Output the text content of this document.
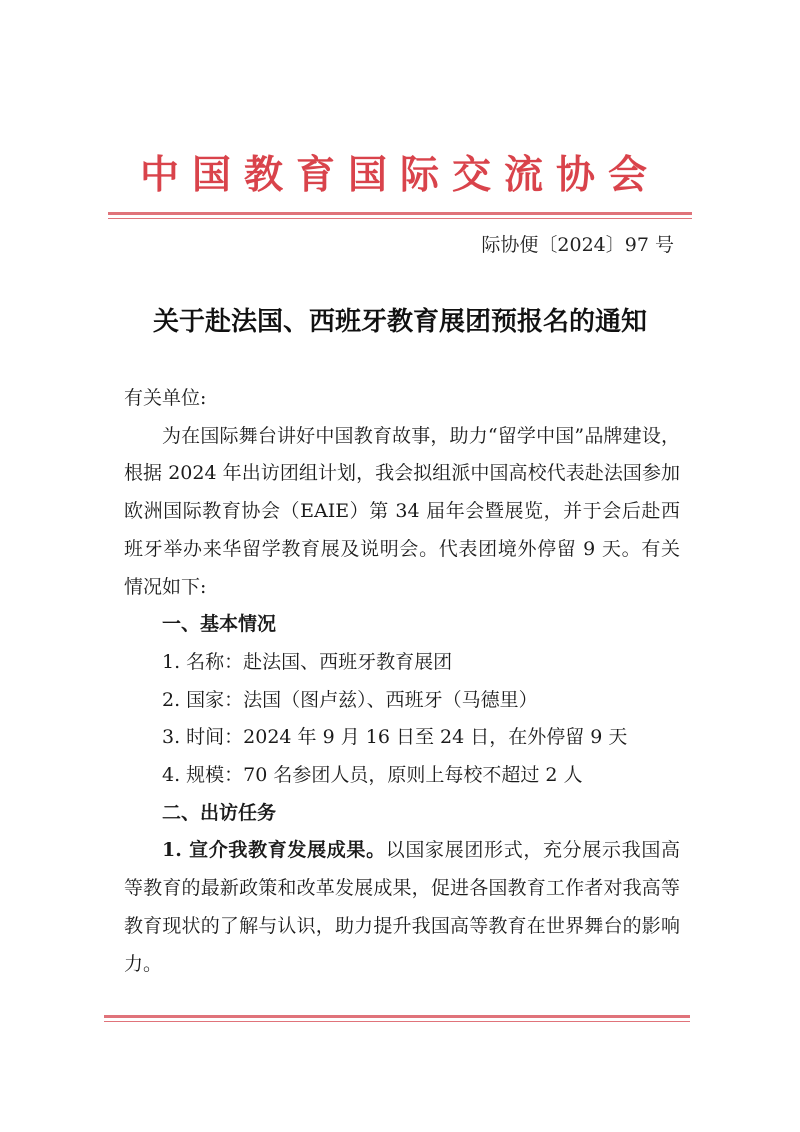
中国教育国际交流协会
际协便〔2024〕97 号
关于赴法国、西班牙教育展团预报名的通知

有关单位:

为在国际舞台讲好中国教育故事，助力“留学中国”品牌建设，根据 2024 年出访团组计划，我会拟组派中国高校代表赴法国参加欧洲国际教育协会（EAIE）第 34 届年会暨展览，并于会后赴西班牙举办来华留学教育展及说明会。代表团境外停留 9 天。有关情况如下:

一、基本情况

1. 名称：赴法国、西班牙教育展团

2. 国家：法国（图卢兹）、西班牙（马德里）

3. 时间：2024 年 9 月 16 日至 24 日，在外停留 9 天

4. 规模：70 名参团人员，原则上每校不超过 2 人

二、出访任务

1. 宣介我教育发展成果。以国家展团形式，充分展示我国高等教育的最新政策和改革发展成果，促进各国教育工作者对我高等教育现状的了解与认识，助力提升我国高等教育在世界舞台的影响力。
